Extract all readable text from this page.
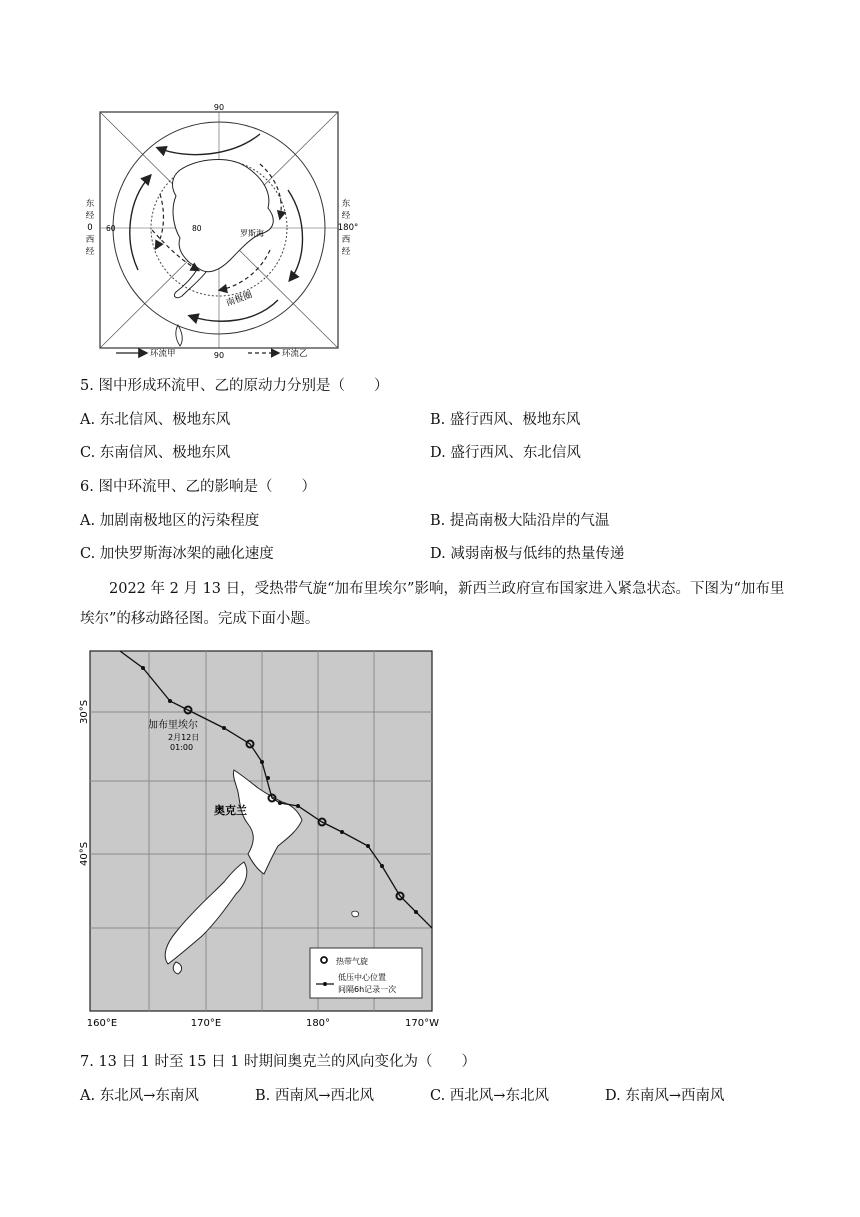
90
90
东
经
0
西
经
东
经
180°
西
经
80
60
罗斯海
南极圈
环流甲	环流乙
5. 图中形成环流甲、乙的原动力分别是（　　）
A. 东北信风、极地东风	B. 盛行西风、极地东风
C. 东南信风、极地东风	D. 盛行西风、东北信风
6. 图中环流甲、乙的影响是（　　）
A. 加剧南极地区的污染程度	B. 提高南极大陆沿岸的气温
C. 加快罗斯海冰架的融化速度	D. 减弱南极与低纬的热量传递
2022 年 2 月 13 日，受热带气旋“加布里埃尔”影响，新西兰政府宣布国家进入紧急状态。下图为“加布里埃尔”的移动路径图。完成下面小题。
加布里埃尔
2月12日
01:00
奥克兰
热带气旋
低压中心位置
间隔6h记录一次
30°S
40°S
160°E	170°E	180°	170°W
7. 13 日 1 时至 15 日 1 时期间奥克兰的风向变化为（　　）
A. 东北风→东南风	B. 西南风→西北风	C. 西北风→东北风	D. 东南风→西南风
